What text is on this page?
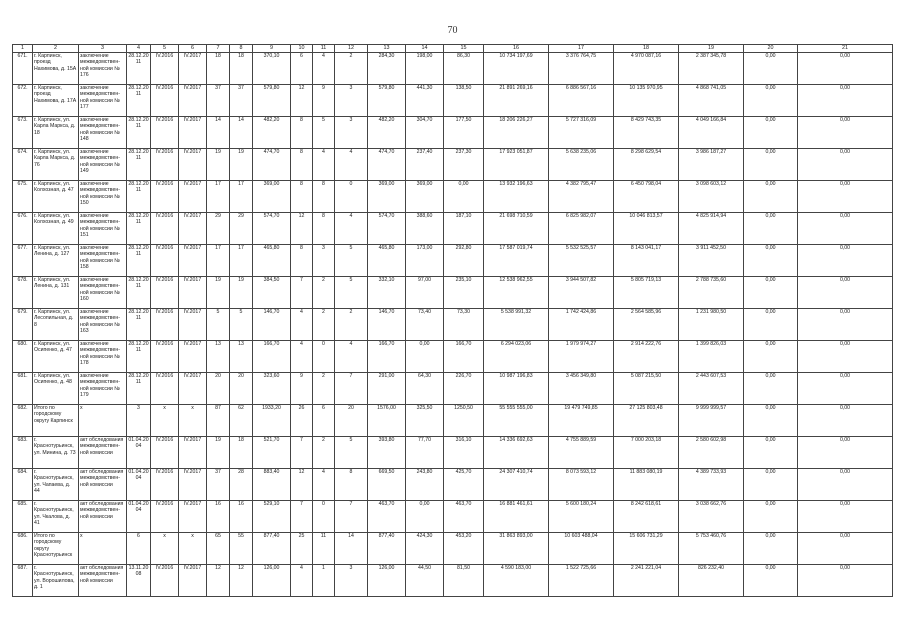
70
1	2	3	4	5	6	7	8	9	10	11	12	13	14	15	16	17	18	19	20	21
671.	г. Карпинск, проезд Нахимова, д. 15А	заключение межведомствен-ной комиссии № 176	28.12.2011	IV.2016	IV.2017	18	18	370,10	6	4	2	284,30	198,00	86,30	10 734 197,69	3 376 764,75	4 970 087,16	2 387 345,78	0,00	0,00
672.	г. Карпинск, проезд Нахимова, д. 17А	заключение межведомствен-ной комиссии № 177	28.12.2011	IV.2016	IV.2017	37	37	579,80	12	9	3	579,80	441,30	138,50	21 891 269,16	6 886 567,16	10 135 970,95	4 868 741,05	0,00	0,00
673.	г. Карпинск, ул. Карла Маркса, д. 18	заключение межведомствен-ной комиссии № 148	28.12.2011	IV.2016	IV.2017	14	14	482,20	8	5	3	482,20	304,70	177,50	18 206 226,27	5 727 316,09	8 429 743,35	4 049 166,84	0,00	0,00
674.	г. Карпинск, ул. Карла Маркса, д. 76	заключение межведомствен-ной комиссии № 149	28.12.2011	IV.2016	IV.2017	19	19	474,70	8	4	4	474,70	237,40	237,30	17 923 051,87	5 638 235,06	8 298 629,54	3 986 187,27	0,00	0,00
675.	г. Карпинск, ул. Колхозная, д. 47	заключение межведомствен-ной комиссии № 150	28.12.2011	IV.2016	IV.2017	17	17	369,00	8	8	0	369,00	369,00	0,00	13 932 196,63	4 382 795,47	6 450 798,04	3 098 603,12	0,00	0,00
676.	г. Карпинск, ул. Колхозная, д. 49	заключение межведомствен-ной комиссии № 151	28.12.2011	IV.2016	IV.2017	29	29	574,70	12	8	4	574,70	388,60	187,10	21 698 710,59	6 825 982,07	10 046 813,57	4 825 914,94	0,00	0,00
677.	г. Карпинск, ул. Ленина, д. 127	заключение межведомствен-ной комиссии № 158	28.12.2011	IV.2016	IV.2017	17	17	465,80	8	3	5	465,80	173,00	292,80	17 587 019,74	5 532 525,57	8 143 041,17	3 911 452,50	0,00	0,00
678.	г. Карпинск, ул. Ленина, д. 131	заключение межведомствен-ной комиссии № 160	28.12.2011	IV.2016	IV.2017	19	19	384,50	7	2	5	332,10	97,00	235,10	12 538 962,55	3 944 507,82	5 805 719,13	2 788 735,60	0,00	0,00
679.	г. Карпинск, ул. Лесопильная, д. 8	заключение межведомствен-ной комиссии № 163	28.12.2011	IV.2016	IV.2017	5	5	146,70	4	2	2	146,70	73,40	73,30	5 538 991,32	1 742 424,86	2 564 585,96	1 231 980,50	0,00	0,00
680.	г. Карпинск, ул. Осипенко, д. 47	заключение межведомствен-ной комиссии № 178	28.12.2011	IV.2016	IV.2017	13	13	166,70	4	0	4	166,70	0,00	166,70	6 294 023,06	1 979 974,27	2 914 222,76	1 399 826,03	0,00	0,00
681.	г. Карпинск, ул. Осипенко, д. 48	заключение межведомствен-ной комиссии № 179	28.12.2011	IV.2016	IV.2017	20	20	323,60	9	2	7	291,00	64,30	226,70	10 987 196,83	3 456 349,80	5 087 215,50	2 443 607,53	0,00	0,00
682.	Итого по городскому округу Карпинск	x	3	x	x	87	62	1933,20	26	6	20	1576,00	325,50	1250,50	55 555 555,00	19 479 749,85	27 125 803,48	9 999 999,57	0,00	0,00
683.	г. Краснотурьинск, ул. Минина, д. 73	акт обследования межведомствен-ной комиссии	01.04.2004	IV.2016	IV.2017	19	18	521,70	7	2	5	393,80	77,70	316,10	14 336 692,63	4 755 889,59	7 000 203,18	2 580 602,98	0,00	0,00
684.	г. Краснотурьинск, ул. Чапаева, д. 44	акт обследования межведомствен-ной комиссии	01.04.2004	IV.2016	IV.2017	37	28	883,40	12	4	8	669,50	243,80	425,70	24 307 410,74	8 073 593,12	11 883 080,19	4 389 733,93	0,00	0,00
685.	г. Краснотурьинск, ул. Чкалова, д. 41	акт обследования межведомствен-ной комиссии	01.04.2004	IV.2016	IV.2017	16	16	529,10	7	0	7	463,70	0,00	463,70	16 881 461,61	5 600 180,24	8 242 618,61	3 038 662,76	0,00	0,00
686.	Итого по городскому округу Краснотурьинск	x	6	x	x	65	55	877,40	25	11	14	877,40	424,30	453,20	31 863 893,00	10 603 488,04	15 606 731,29	5 753 460,76	0,00	0,00
687.	г. Краснотурьинск, ул. Ворошилова, д. 1	акт обследования межведомствен-ной комиссии	13.11.2008	IV.2016	IV.2017	12	12	126,00	4	1	3	126,00	44,50	81,50	4 590 183,00	1 522 725,66	2 241 221,04	826 232,40	0,00	0,00
